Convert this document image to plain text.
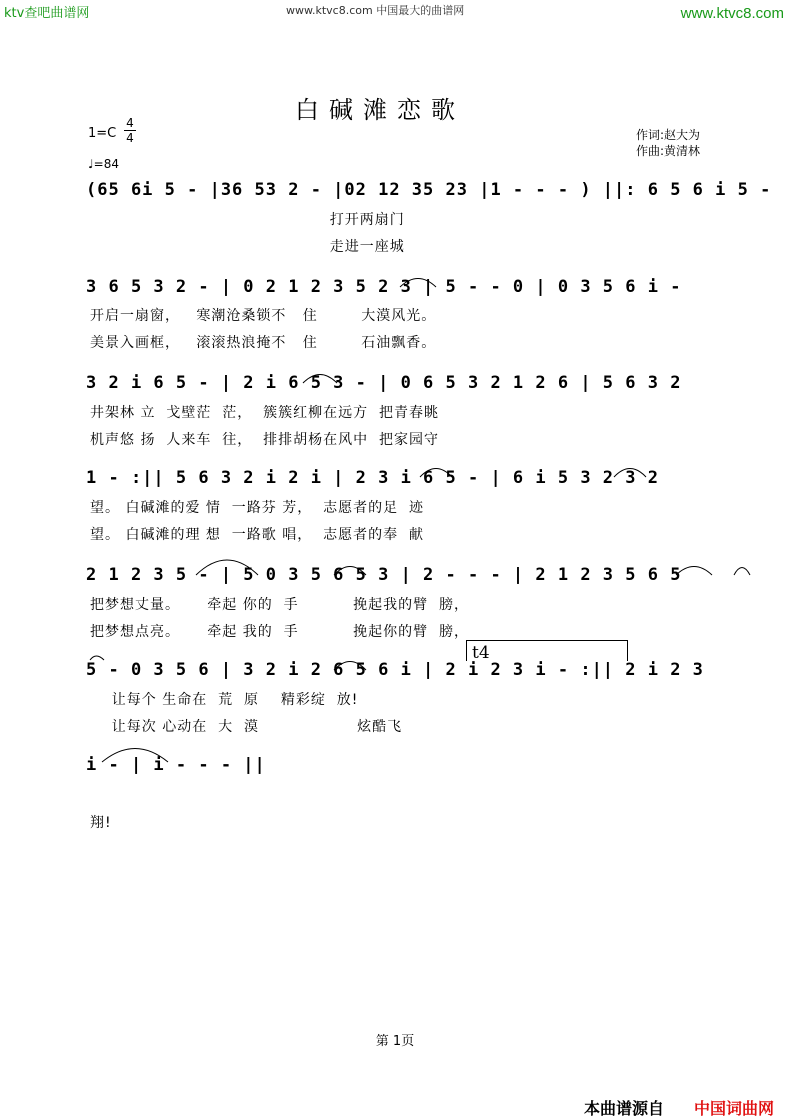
ktv查吧曲谱网	www.ktvc8.com 中国最大的曲谱网	www.ktvc8.com
白碱滩恋歌
1=C
4
4
♩=84
作词:赵大为
作曲:黄清林
(65 6i 5 - |36 53 2 - |02 12 35 23 |1 - - - ) ||: 6 5 6 i 5 -
打开两扇门
走进一座城
3 6 5 3 2 - | 0 2 1 2 3 5 2 3 | 5 - - 0 | 0 3 5 6 i -
开启一扇窗，   寒潮沧桑锁不   住        大漠风光。
美景入画框，   滚滚热浪掩不   住        石油飘香。
3 2 i 6 5 - | 2 i 6 5 3 - | 0 6 5 3 2 1 2 6 | 5 6 3 2
井架林 立  戈壁茫  茫，  簇簇红柳在远方  把青春眺
机声悠 扬  人来车  往，  排排胡杨在风中  把家园守
1 - :|| 5 6 3 2 i 2 i | 2 3 i 6 5 - | 6 i 5 3 2 3 2
望。 白碱滩的爱 情  一路芬 芳，  志愿者的足  迹
望。 白碱滩的理 想  一路歌 唱，  志愿者的奉  献
2 1 2 3 5 - | 5 0 3 5 6 5 3 | 2 - - - | 2 1 2 3 5 6 5
把梦想丈量。     牵起 你的  手          挽起我的臂  膀，
把梦想点亮。     牵起 我的  手          挽起你的臂  膀，
t4
5 - 0 3 5 6 | 3 2 i 2 6 5 6 i | 2 i 2 3 i - :|| 2 i 2 3
让每个 生命在  荒  原    精彩绽  放!
让每次 心动在  大  漠                  炫酷飞
i - | i - - - ||
翔!
第 1页
本曲谱源自 中国词曲网
